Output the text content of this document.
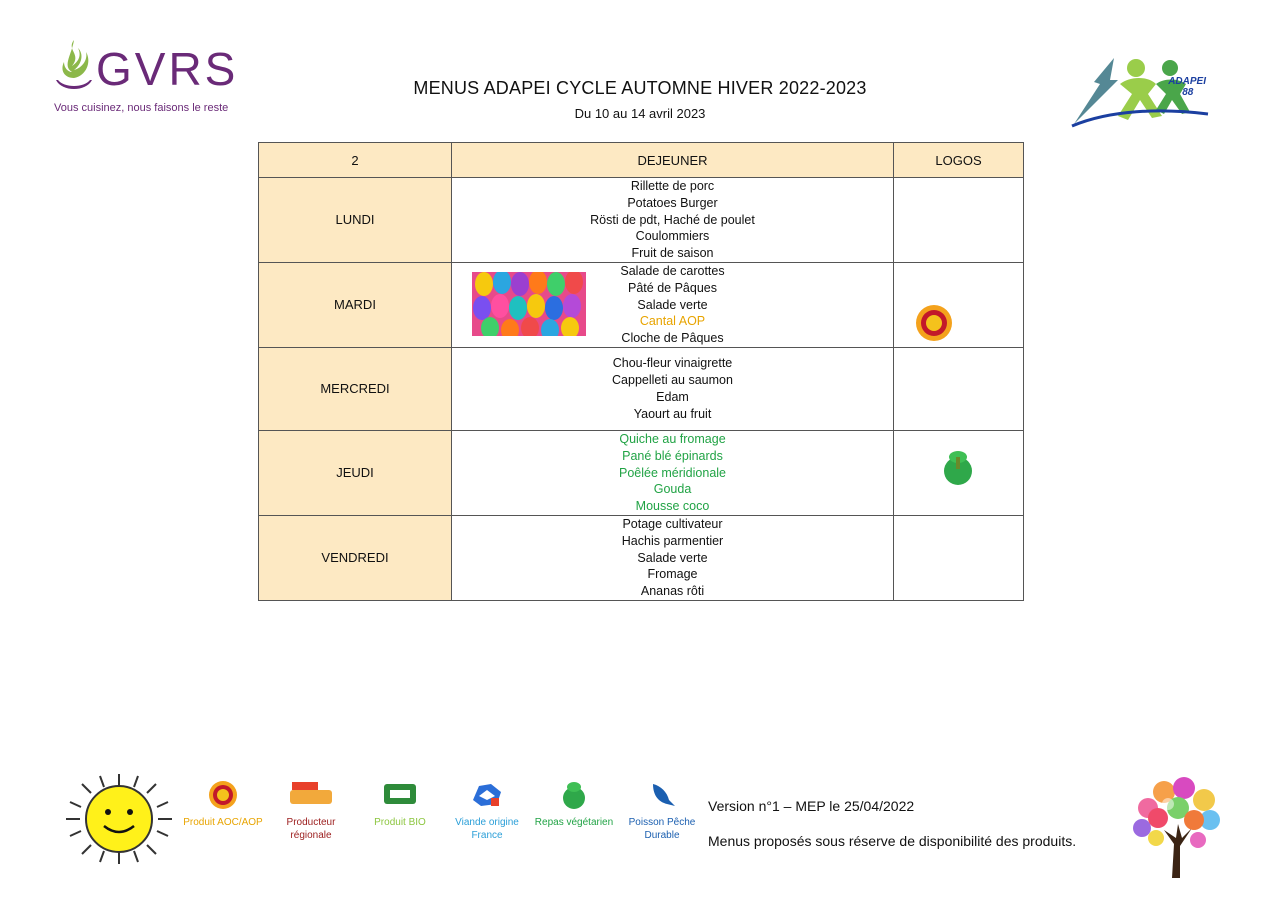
GVRS
Vous cuisinez, nous faisons le reste
MENUS ADAPEI CYCLE AUTOMNE HIVER 2022-2023
Du 10 au 14 avril 2023
ADAPEI
88
2	DEJEUNER	LOGOS
LUNDI	Rillette de porc
Potatoes Burger
Rösti de pdt, Haché de poulet
Coulommiers
Fruit de saison	

MARDI	Salade de carottes
Pâté de Pâques
Salade verte
Cantal AOP
Cloche de Pâques

MERCREDI	Chou-fleur vinaigrette
Cappelleti au saumon
Edam
Yaourt au fruit	

JEUDI	Quiche au fromage
Pané blé épinards
Poêlée méridionale
Gouda
Mousse coco

VENDREDI	Potage cultivateur
Hachis parmentier
Salade verte
Fromage
Ananas rôti	

Produit AOC/AOP	Producteur régionale
Produit BIO	Viande origine France
Repas végétarien	Poisson Pêche Durable
Version n°1 – MEP le 25/04/2022
Menus proposés sous réserve de disponibilité des produits.
